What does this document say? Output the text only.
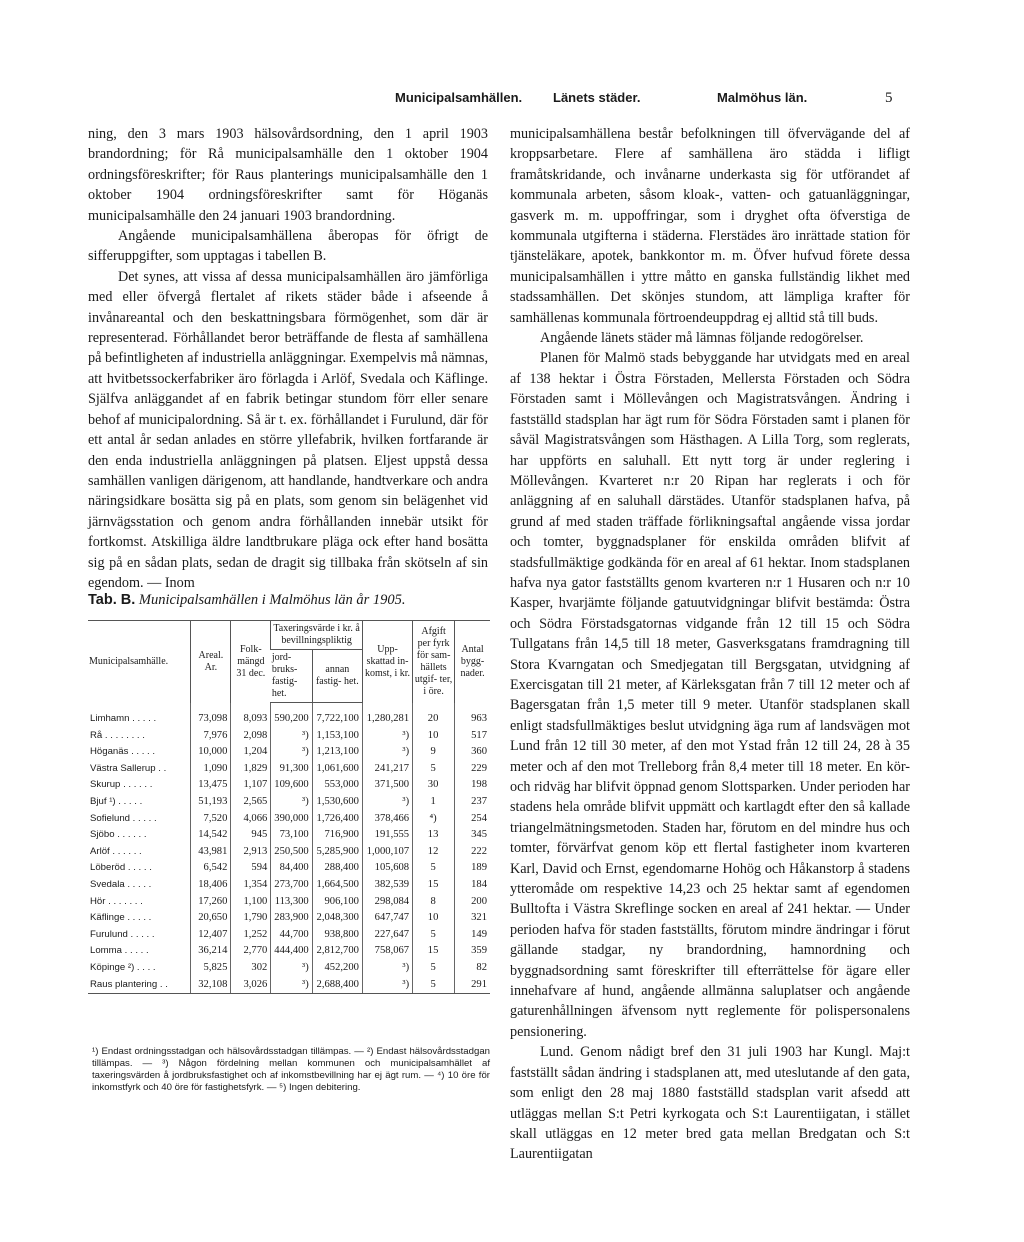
Municipalsamhällen. Länets städer.	Malmöhus län.	5

ning, den 3 mars 1903 hälsovårdsordning, den 1 april 1903 brandordning; för Rå municipalsamhälle den 1 oktober 1904 ordningsföreskrifter; för Raus planterings municipalsamhälle den 1 oktober 1904 ordningsföreskrifter samt för Höganäs municipalsamhälle den 24 januari 1903 brandordning.

Angående municipalsamhällena åberopas för öfrigt de sifferuppgifter, som upptagas i tabellen B.

Det synes, att vissa af dessa municipalsamhällen äro jämförliga med eller öfvergå flertalet af rikets städer både i afseende å invånareantal och den beskattningsbara förmögenhet, som där är representerad. Förhållandet beror beträffande de flesta af samhällena på befintligheten af industriella anläggningar. Exempelvis må nämnas, att hvitbetssockerfabriker äro förlagda i Arlöf, Svedala och Käflinge. Själfva anläggandet af en fabrik betingar stundom förr eller senare behof af municipalordning. Så är t. ex. förhållandet i Furulund, där för ett antal år sedan anlades en större yllefabrik, hvilken fortfarande är den enda industriella anläggningen på platsen. Eljest uppstå dessa samhällen vanligen därigenom, att handlande, handtverkare och andra näringsidkare bosätta sig på en plats, som genom sin belägenhet vid järnvägsstation och genom andra förhållanden innebär utsikt för fortkomst. Atskilliga äldre landtbrukare pläga ock efter hand bosätta sig på en sådan plats, sedan de dragit sig tillbaka från skötseln af sin egendom. — Inom

Tab. B. Municipalsamhällen i Malmöhus län år 1905.
Municipalsamhälle.	Areal. Ar.	Folk- mängd 31 dec.	Taxeringsvärde i kr. å bevillningspliktig		Upp- skattad in- komst, i kr.	Afgift per fyrk för sam- hällets utgif- ter, i öre.	Antal bygg- nader.
			jord- bruks- fastig- het.	annan fastig- het.			
Limhamn . . . . .	73,098	8,093	590,200	7,722,100	1,280,281	20	963
Rå . . . . . . . .	7,976	2,098	³)	1,153,100	³)	10	517
Höganäs . . . . .	10,000	1,204	³)	1,213,100	³)	9	360
Västra Sallerup . .	1,090	1,829	91,300	1,061,600	241,217	5	229
Skurup . . . . . .	13,475	1,107	109,600	553,000	371,500	30	198
Bjuf ¹) . . . . .	51,193	2,565	³)	1,530,600	³)	1	237
Sofielund . . . . .	7,520	4,066	390,000	1,726,400	378,466	⁴)	254
Sjöbo . . . . . .	14,542	945	73,100	716,900	191,555	13	345
Arlöf . . . . . .	43,981	2,913	250,500	5,285,900	1,000,107	12	222
Löberöd . . . . .	6,542	594	84,400	288,400	105,608	5	189
Svedala . . . . .	18,406	1,354	273,700	1,664,500	382,539	15	184
Hör . . . . . . .	17,260	1,100	113,300	906,100	298,084	8	200
Käflinge . . . . .	20,650	1,790	283,900	2,048,300	647,747	10	321
Furulund . . . . .	12,407	1,252	44,700	938,800	227,647	5	149
Lomma . . . . .	36,214	2,770	444,400	2,812,700	758,067	15	359
Köpinge ²) . . . .	5,825	302	³)	452,200	³)	5	82
Raus plantering . .	32,108	3,026	³)	2,688,400	³)	5	291
¹) Endast ordningsstadgan och hälsovårdsstadgan tillämpas. — ²) Endast hälsovårdsstadgan tillämpas. — ³) Någon fördelning mellan kommunen och municipalsamhället af taxeringsvärden å jordbruksfastighet och af inkomstbevillning har ej ägt rum. — ⁴) 10 öre för inkomstfyrk och 40 öre för fastighetsfyrk. — ⁵) Ingen debitering.

municipalsamhällena består befolkningen till öfvervägande del af kroppsarbetare. Flere af samhällena äro städda i lifligt framåtskridande, och invånarne underkasta sig för utförandet af kommunala arbeten, såsom kloak-, vatten- och gatuanläggningar, gasverk m. m. uppoffringar, som i dryghet ofta öfverstiga de kommunala utgifterna i städerna. Flerstädes äro inrättade station för tjänsteläkare, apotek, bankkontor m. m. Öfver hufvud förete dessa municipalsamhällen i yttre måtto en ganska fullständig likhet med stadssamhällen. Det skönjes stundom, att lämpliga krafter för samhällenas kommunala förtroendeuppdrag ej alltid stå till buds.

Angående länets städer må lämnas följande redogörelser.

Planen för Malmö stads bebyggande har utvidgats med en areal af 138 hektar i Östra Förstaden, Mellersta Förstaden och Södra Förstaden samt i Möllevången och Magistratsvången. Ändring i fastställd stadsplan har ägt rum för Södra Förstaden samt i planen för såväl Magistratsvången som Hästhagen. A Lilla Torg, som reglerats, har uppförts en saluhall. Ett nytt torg är under reglering i Möllevången. Kvarteret n:r 20 Ripan har reglerats i och för anläggning af en saluhall därstädes. Utanför stadsplanen hafva, på grund af med staden träffade förlikningsaftal angående vissa jordar och tomter, byggnadsplaner för enskilda områden blifvit af stadsfullmäktige godkända för en areal af 61 hektar. Inom stadsplanen hafva nya gator fastställts genom kvarteren n:r 1 Husaren och n:r 10 Kasper, hvarjämte följande gatuutvidgningar blifvit bestämda: Östra och Södra Förstadsgatornas vidgande från 12 till 15 och Södra Tullgatans från 14,5 till 18 meter, Gasverksgatans framdragning till Stora Kvarngatan och Smedjegatan till Bergsgatan, utvidgning af Exercisgatan till 21 meter, af Kärleksgatan från 7 till 12 meter och af Bagersgatan från 1,5 meter till 9 meter. Utanför stadsplanen skall enligt stadsfullmäktiges beslut utvidgning äga rum af landsvägen mot Lund från 12 till 30 meter, af den mot Ystad från 12 till 24, 28 à 35 meter och af den mot Trelleborg från 8,4 meter till 18 meter. En kör- och ridväg har blifvit öppnad genom Slottsparken. Under perioden har stadens hela område blifvit uppmätt och kartlagdt efter den så kallade triangelmätningsmetoden. Staden har, förutom en del mindre hus och tomter, förvärfvat genom köp ett flertal fastigheter inom kvarteren Karl, David och Ernst, egendomarne Hohög och Håkanstorp å stadens ytteromåde om respektive 14,23 och 25 hektar samt af egendomen Bulltofta i Västra Skreflinge socken en areal af 241 hektar. — Under perioden hafva för staden fastställts, förutom mindre ändringar i förut gällande stadgar, ny brandordning, hamnordning och byggnadsordning samt föreskrifter till efterrättelse för ägare eller innehafvare af hund, angående allmänna saluplatser och angående gaturenhållningen äfvensom nytt reglemente för polispersonalens pensionering.

Lund. Genom nådigt bref den 31 juli 1903 har Kungl. Maj:t fastställt sådan ändring i stadsplanen att, med uteslutande af den gata, som enligt den 28 maj 1880 fastställd stadsplan varit afsedd att utläggas mellan S:t Petri kyrkogata och S:t Laurentiigatan, i stället skall utläggas en 12 meter bred gata mellan Bredgatan och S:t Laurentiigatan
